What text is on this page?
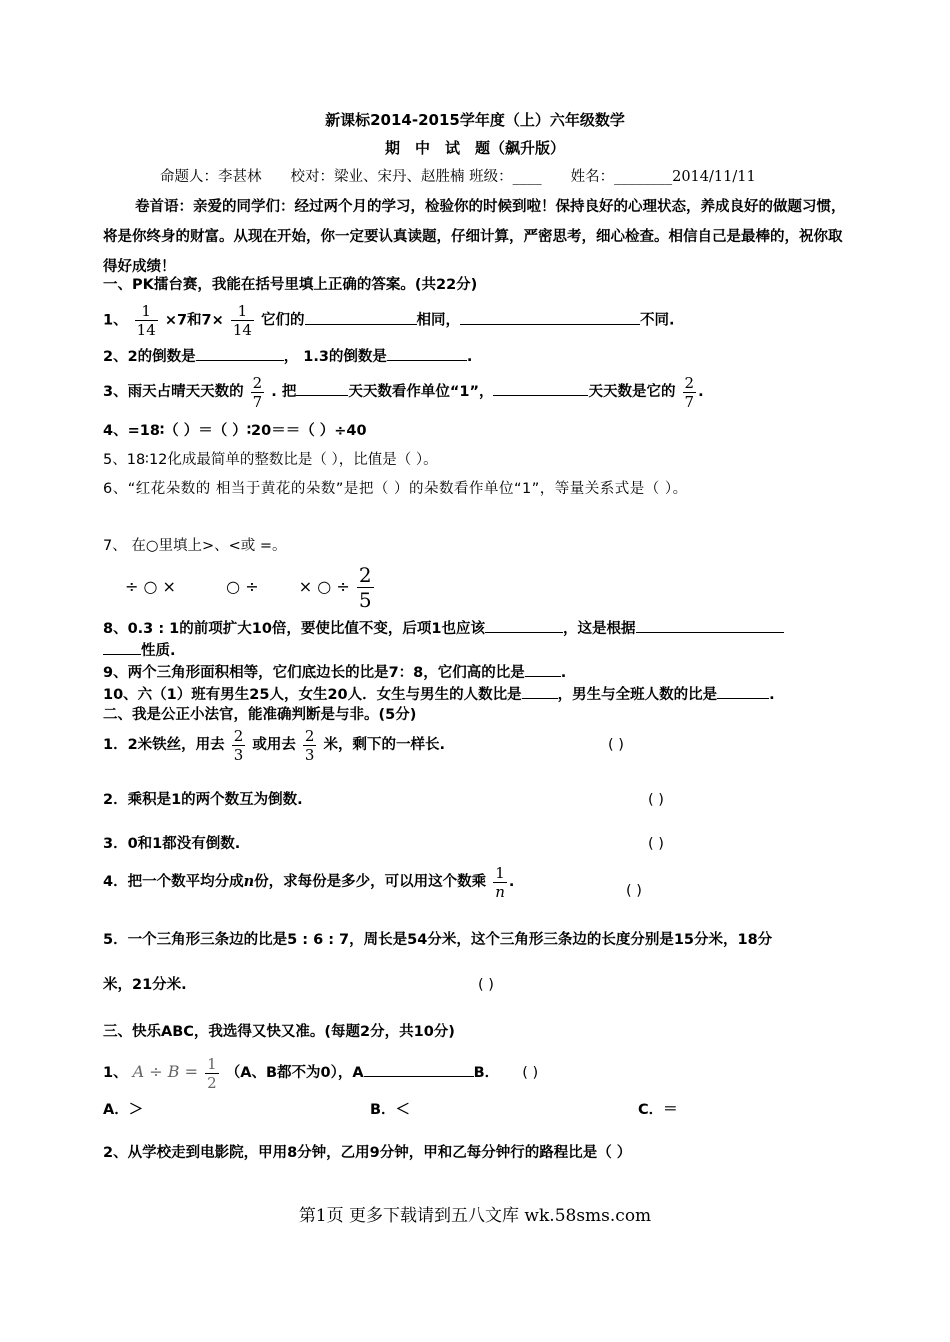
新课标2014-2015学年度（上）六年级数学
期　中　试　题（飙升版）
命题人：李甚林　　校对：梁业、宋丹、赵胜楠 班级：____　　姓名：________2014/11/11
卷首语：亲爱的同学们：经过两个月的学习，检验你的时候到啦！保持良好的心理状态，养成良好的做题习惯，将是你终身的财富。从现在开始，你一定要认真读题，仔细计算，严密思考，细心检查。相信自己是最棒的，祝你取得好成绩！
一、PK擂台赛，我能在括号里填上正确的答案。(共22分)
1、 $\frac{1}{14} \times 7$和$7\times \frac{1}{14}$ 它们的	相同，	不同.
2、2的倒数是	， 1.3的倒数是	.
3、雨天占晴天天数的 $\frac{2}{7}$ . 把	天天数看作单位“1”，	天天数是它的 $\frac{2}{7}$ .
4、=18∶（ ）＝（ ）∶20＝＝（ ）÷40
5、18∶12化成最简单的整数比是（ ），比值是（ ）。
6、“红花朵数的 相当于黄花的朵数”是把（ ）的朵数看作单位“1”，等量关系式是（ ）。
7、 在○里填上>、<或 =。
÷ ○ ×	○ ÷	× ○ ÷ $\frac{2}{5}$
8、0.3 : 1的前项扩大10倍，要使比值不变，后项1也应该	，这是根据
性质.
9、两个三角形面积相等，它们底边长的比是7：8，它们高的比是 .
10、六（1）班有男生25人，女生20人．女生与男生的人数比是 ，男生与全班人数的比是	.
二、我是公正小法官，能准确判断是与非。(5分)
1．2米铁丝，用去 $\frac{2}{3}$ 或用去 $\frac{2}{3}$ 米，剩下的一样长.	( )
2．乘积是1的两个数互为倒数.	( )
3．0和1都没有倒数.	( )
4．把一个数平均分成n份，求每份是多少，可以用这个数乘 $\frac{1}{n}$ .
( )
5．一个三角形三条边的比是5 : 6 : 7，周长是54分米，这个三角形三条边的长度分别是15分米，18分
米，21分米.	( )
三、快乐ABC，我选得又快又准。(每题2分，共10分)
1、 $A \div B = \frac{1}{2} (A$、B都不为0），A	B． ( )
A．＞	B．＜	C．＝
2、从学校走到电影院，甲用8分钟，乙用9分钟，甲和乙每分钟行的路程比是（ ）
第1页 更多下载请到五八文库 wk.58sms.com
